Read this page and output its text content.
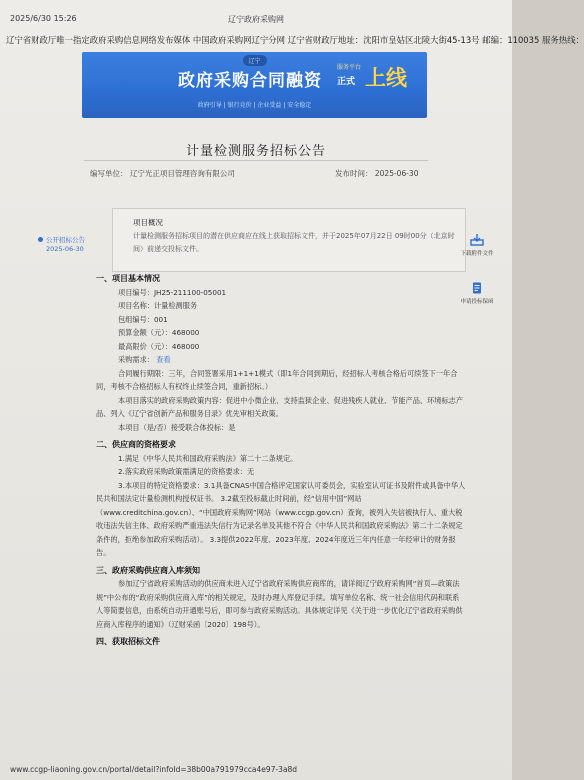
2025/6/30 15:26	辽宁政府采购网
辽宁省财政厅唯一指定政府采购信息网络发布媒体 中国政府采购网辽宁分网 辽宁省财政厅地址：沈阳市皇姑区北陵大街45-13号 邮编：110035 服务热线：
辽宁
政府采购合同融资
服务平台
正式 上线
政府引导 | 银行竞价 | 企业受益 | 安全稳定
计量检测服务招标公告
编写单位： 辽宁光正项目管理咨询有限公司	发布时间： 2025-06-30
公开招标公告
2025-06-30
项目概况
计量检测服务招标项目的潜在供应商应在线上获取招标文件，并于2025年07月22日 09时00分（北京时间）前递交投标文件。
下载附件文件
申请投标保函
一、项目基本情况
项目编号：JH25-211100-05001
项目名称：计量检测服务
包组编号：001
预算金额（元）：468000
最高限价（元）：468000
采购需求： 查看
合同履行期限：三年，合同签署采用1+1+1模式（即1年合同到期后，经招标人考核合格后可续签下一年合同，考核不合格招标人有权终止续签合同，重新招标。）
本项目落实的政府采购政策内容：促进中小微企业、支持监狱企业、促进残疾人就业、节能产品、环境标志产品、列入《辽宁省创新产品和服务目录》优先审相关政策。
本项目（是/否）接受联合体投标：是
二、供应商的资格要求
1.满足《中华人民共和国政府采购法》第二十二条规定。
2.落实政府采购政策需满足的资格要求：无
3.本项目的特定资格要求：3.1具备CNAS中国合格评定国家认可委员会，实验室认可证书及附件或具备中华人民共和国法定计量检测机构授权证书。 3.2截至投标截止时间前，经“信用中国”网站（www.creditchina.gov.cn）、“中国政府采购网”网站（www.ccgp.gov.cn）查询，被列入失信被执行人、重大税收违法失信主体、政府采购严重违法失信行为记录名单及其他不符合《中华人民共和国政府采购法》第二十二条规定条件的，拒绝参加政府采购活动）。 3.3提供2022年度、2023年度、2024年度近三年内任意一年经审计的财务报告。
三、政府采购供应商入库须知
参加辽宁省政府采购活动的供应商未进入辽宁省政府采购供应商库的，请详阅辽宁政府采购网“首页—政策法规”中公布的“政府采购供应商入库”的相关规定，及时办理入库登记手续。填写单位名称、统一社会信用代码和联系人等简要信息，由系统自动开通账号后，即可参与政府采购活动。具体规定详见《关于进一步优化辽宁省政府采购供应商入库程序的通知》（辽财采函〔2020〕198号）。
四、获取招标文件
www.ccgp-liaoning.gov.cn/portal/detail?infoId=38b00a791979cca4e97-3a8d
